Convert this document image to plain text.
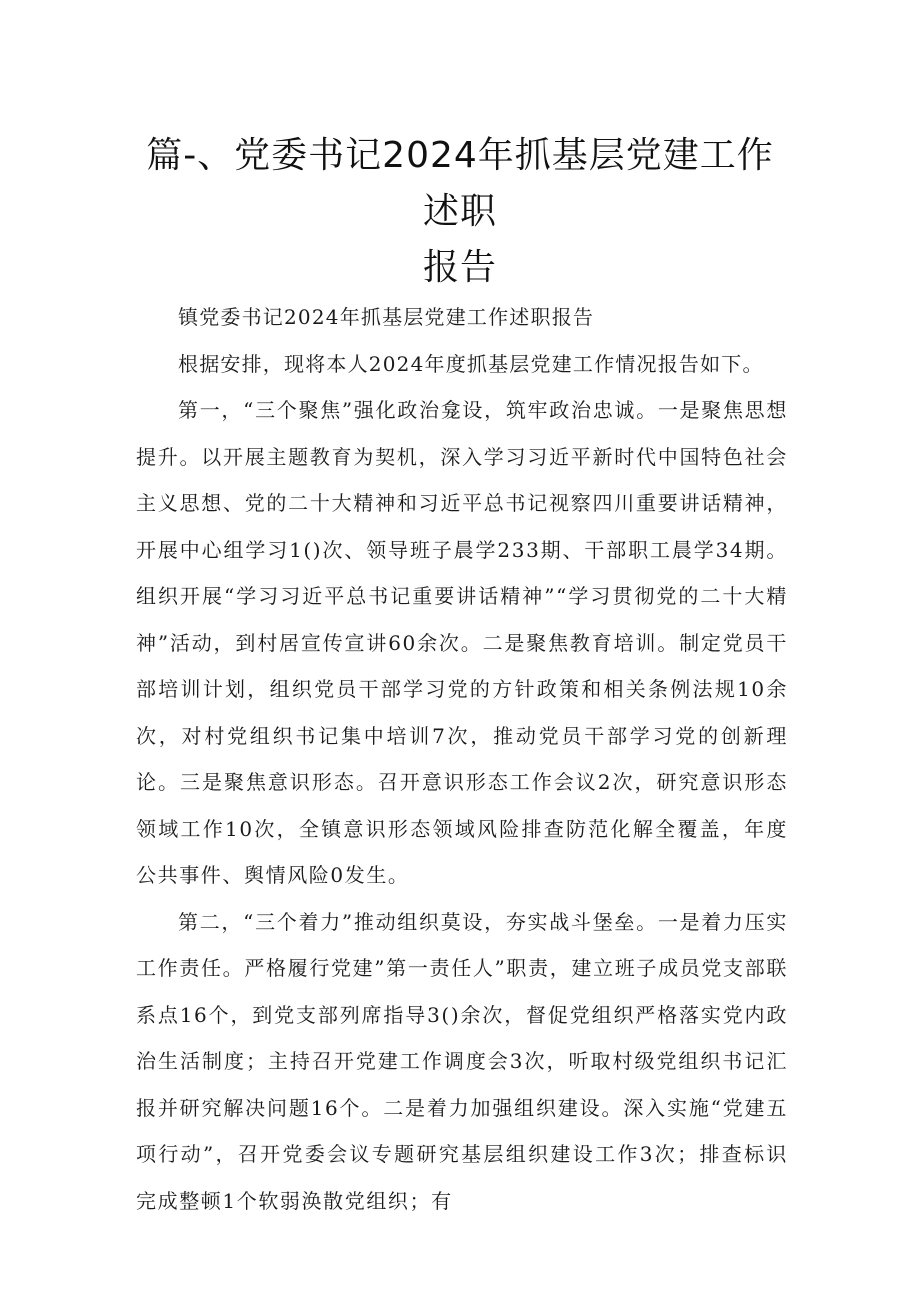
篇-、党委书记2024年抓基层党建工作述职
报告

镇党委书记2024年抓基层党建工作述职报告

根据安排，现将本人2024年度抓基层党建工作情况报告如下。

第一，“三个聚焦”强化政治龛设，筑牢政治忠诚。一是聚焦思想提升。以开展主题教育为契机，深入学习习近平新时代中国特色社会主义思想、党的二十大精神和习近平总书记视察四川重要讲话精神，开展中心组学习1()次、领导班子晨学233期、干部职工晨学34期。组织开展“学习习近平总书记重要讲话精神”“学习贯彻党的二十大精神”活动，到村居宣传宣讲60余次。二是聚焦教育培训。制定党员干部培训计划，组织党员干部学习党的方针政策和相关条例法规10余次，对村党组织书记集中培训7次，推动党员干部学习党的创新理论。三是聚焦意识形态。召开意识形态工作会议2次，研究意识形态领域工作10次，全镇意识形态领域风险排查防范化解全覆盖，年度公共事件、舆情风险0发生。

第二，“三个着力”推动组织莫设，夯实战斗堡垒。一是着力压实工作责任。严格履行党建”第一责任人”职责，建立班子成员党支部联系点16个，到党支部列席指导3()余次，督促党组织严格落实党内政治生活制度；主持召开党建工作调度会3次，听取村级党组织书记汇报并研究解决问题16个。二是着力加强组织建设。深入实施“党建五项行动”，召开党委会议专题研究基层组织建设工作3次；排查标识完成整顿1个软弱涣散党组织；有
